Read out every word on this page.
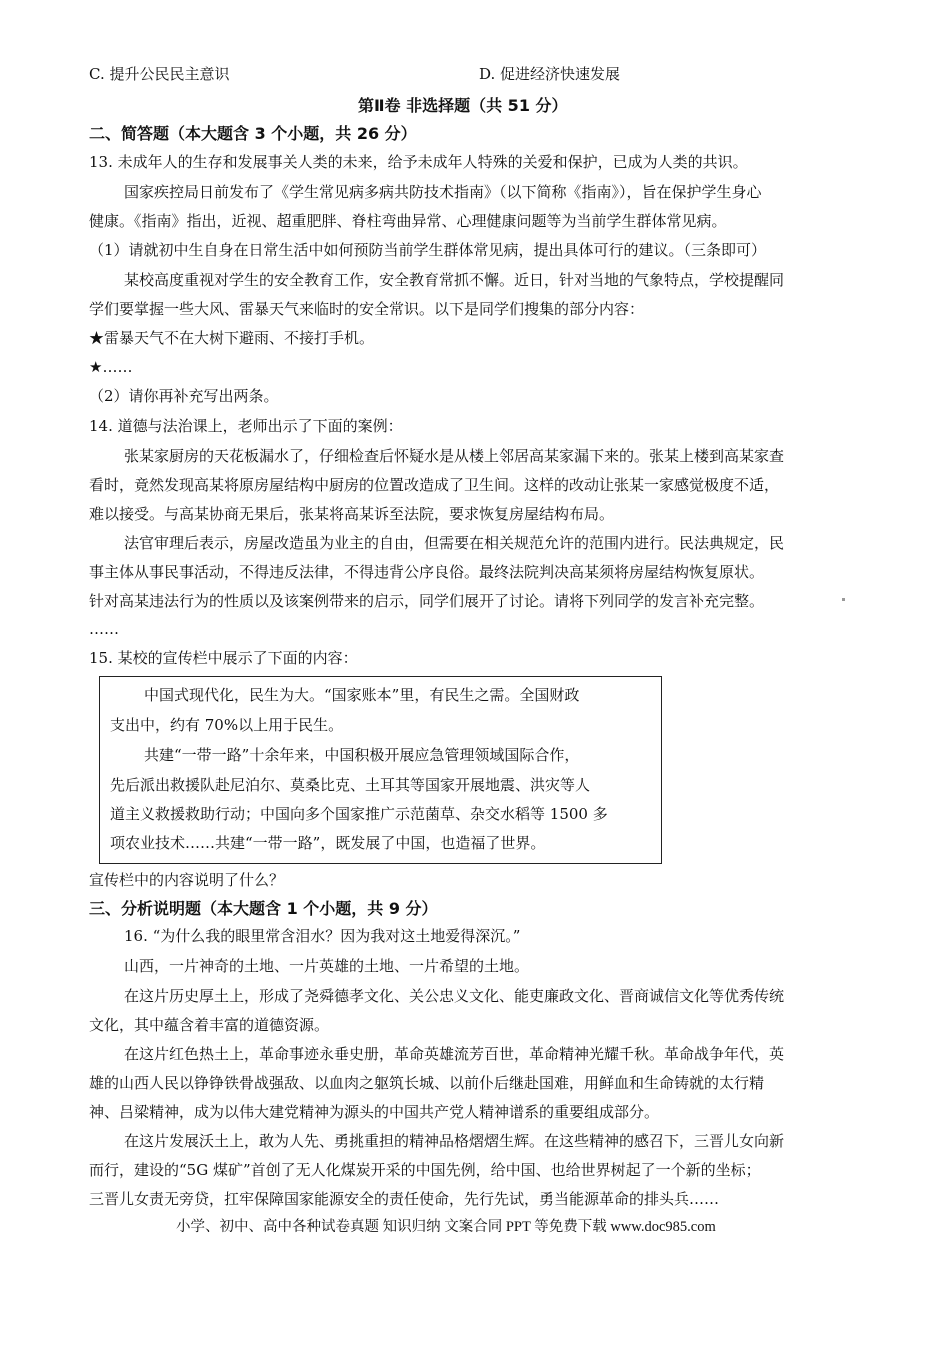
C. 提升公民民主意识	D. 促进经济快速发展
第Ⅱ卷 非选择题（共 51 分）
二、简答题（本大题含 3 个小题，共 26 分）
13. 未成年人的生存和发展事关人类的未来，给予未成年人特殊的关爱和保护，已成为人类的共识。
国家疾控局日前发布了《学生常见病多病共防技术指南》（以下简称《指南》），旨在保护学生身心
健康。《指南》指出，近视、超重肥胖、脊柱弯曲异常、心理健康问题等为当前学生群体常见病。
（1）请就初中生自身在日常生活中如何预防当前学生群体常见病，提出具体可行的建议。（三条即可）
某校高度重视对学生的安全教育工作，安全教育常抓不懈。近日，针对当地的气象特点，学校提醒同
学们要掌握一些大风、雷暴天气来临时的安全常识。以下是同学们搜集的部分内容：
★雷暴天气不在大树下避雨、不接打手机。
★……
（2）请你再补充写出两条。
14. 道德与法治课上，老师出示了下面的案例：
张某家厨房的天花板漏水了，仔细检查后怀疑水是从楼上邻居高某家漏下来的。张某上楼到高某家查
看时，竟然发现高某将原房屋结构中厨房的位置改造成了卫生间。这样的改动让张某一家感觉极度不适，
难以接受。与高某协商无果后，张某将高某诉至法院，要求恢复房屋结构布局。
法官审理后表示，房屋改造虽为业主的自由，但需要在相关规范允许的范围内进行。民法典规定，民
事主体从事民事活动，不得违反法律，不得违背公序良俗。最终法院判决高某须将房屋结构恢复原状。
针对高某违法行为的性质以及该案例带来的启示，同学们展开了讨论。请将下列同学的发言补充完整。
……
15. 某校的宣传栏中展示了下面的内容：
中国式现代化，民生为大。“国家账本”里，有民生之需。全国财政
支出中，约有 70%以上用于民生。
共建“一带一路”十余年来，中国积极开展应急管理领域国际合作，
先后派出救援队赴尼泊尔、莫桑比克、土耳其等国家开展地震、洪灾等人
道主义救援救助行动；中国向多个国家推广示范菌草、杂交水稻等 1500 多
项农业技术……共建“一带一路”，既发展了中国，也造福了世界。
宣传栏中的内容说明了什么？
三、分析说明题（本大题含 1 个小题，共 9 分）
16. “为什么我的眼里常含泪水？因为我对这土地爱得深沉。”
山西，一片神奇的土地、一片英雄的土地、一片希望的土地。
在这片历史厚土上，形成了尧舜德孝文化、关公忠义文化、能吏廉政文化、晋商诚信文化等优秀传统
文化，其中蕴含着丰富的道德资源。
在这片红色热土上，革命事迹永垂史册，革命英雄流芳百世，革命精神光耀千秋。革命战争年代，英
雄的山西人民以铮铮铁骨战强敌、以血肉之躯筑长城、以前仆后继赴国难，用鲜血和生命铸就的太行精
神、吕梁精神，成为以伟大建党精神为源头的中国共产党人精神谱系的重要组成部分。
在这片发展沃土上，敢为人先、勇挑重担的精神品格熠熠生辉。在这些精神的感召下，三晋儿女向新
而行，建设的“5G 煤矿”首创了无人化煤炭开采的中国先例，给中国、也给世界树起了一个新的坐标；
三晋儿女责无旁贷，扛牢保障国家能源安全的责任使命，先行先试，勇当能源革命的排头兵……
小学、初中、高中各种试卷真题 知识归纳 文案合同 PPT 等免费下载 www.doc985.com
